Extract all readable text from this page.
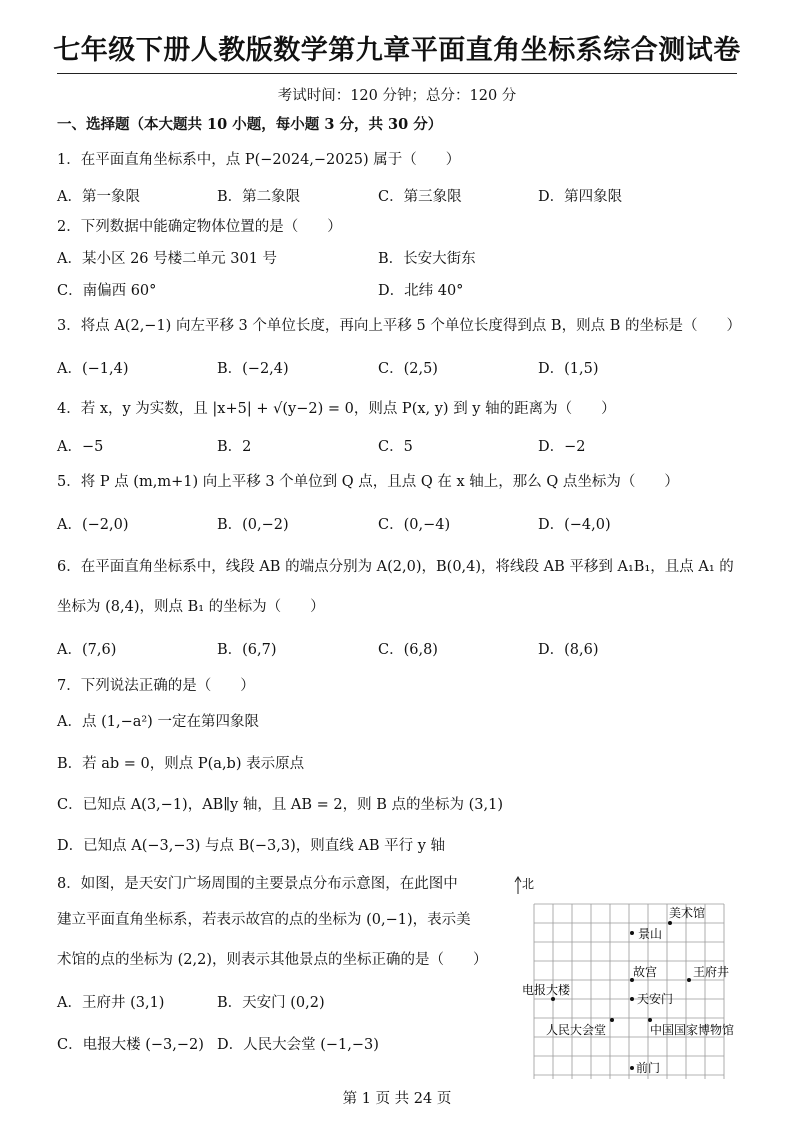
七年级下册人教版数学第九章平面直角坐标系综合测试卷
考试时间：120 分钟；总分：120 分
一、选择题（本大题共 10 小题，每小题 3 分，共 30 分）
1．在平面直角坐标系中，点 P(−2024,−2025) 属于（　　）
A．第一象限	B．第二象限	C．第三象限	D．第四象限
2．下列数据中能确定物体位置的是（　　）
A．某小区 26 号楼二单元 301 号	B．长安大街东
C．南偏西 60°	D．北纬 40°
3．将点 A(2,−1) 向左平移 3 个单位长度，再向上平移 5 个单位长度得到点 B，则点 B 的坐标是（　　）
A．(−1,4)	B．(−2,4)	C．(2,5)	D．(1,5)
4．若 x，y 为实数，且 |x+5| + √(y−2) = 0，则点 P(x, y) 到 y 轴的距离为（　　）
A．−5	B．2	C．5	D．−2
5．将 P 点 (m,m+1) 向上平移 3 个单位到 Q 点，且点 Q 在 x 轴上，那么 Q 点坐标为（　　）
A．(−2,0)	B．(0,−2)	C．(0,−4)	D．(−4,0)
6．在平面直角坐标系中，线段 AB 的端点分别为 A(2,0)，B(0,4)，将线段 AB 平移到 A₁B₁，且点 A₁ 的
坐标为 (8,4)，则点 B₁ 的坐标为（　　）
A．(7,6)	B．(6,7)	C．(6,8)	D．(8,6)
7．下列说法正确的是（　　）
A．点 (1,−a²) 一定在第四象限
B．若 ab = 0，则点 P(a,b) 表示原点
C．已知点 A(3,−1)，AB∥y 轴，且 AB = 2，则 B 点的坐标为 (3,1)
D．已知点 A(−3,−3) 与点 B(−3,3)，则直线 AB 平行 y 轴
8．如图，是天安门广场周围的主要景点分布示意图，在此图中
建立平面直角坐标系，若表示故宫的点的坐标为 (0,−1)，表示美
术馆的点的坐标为 (2,2)，则表示其他景点的坐标正确的是（　　）
A．王府井 (3,1)	B．天安门 (0,2)
C．电报大楼 (−3,−2) D．人民大会堂 (−1,−3)
北
美术馆
景山
故宫	王府井
电报大楼
天安门
人民大会堂	中国国家博物馆
前门
第 1 页 共 24 页
